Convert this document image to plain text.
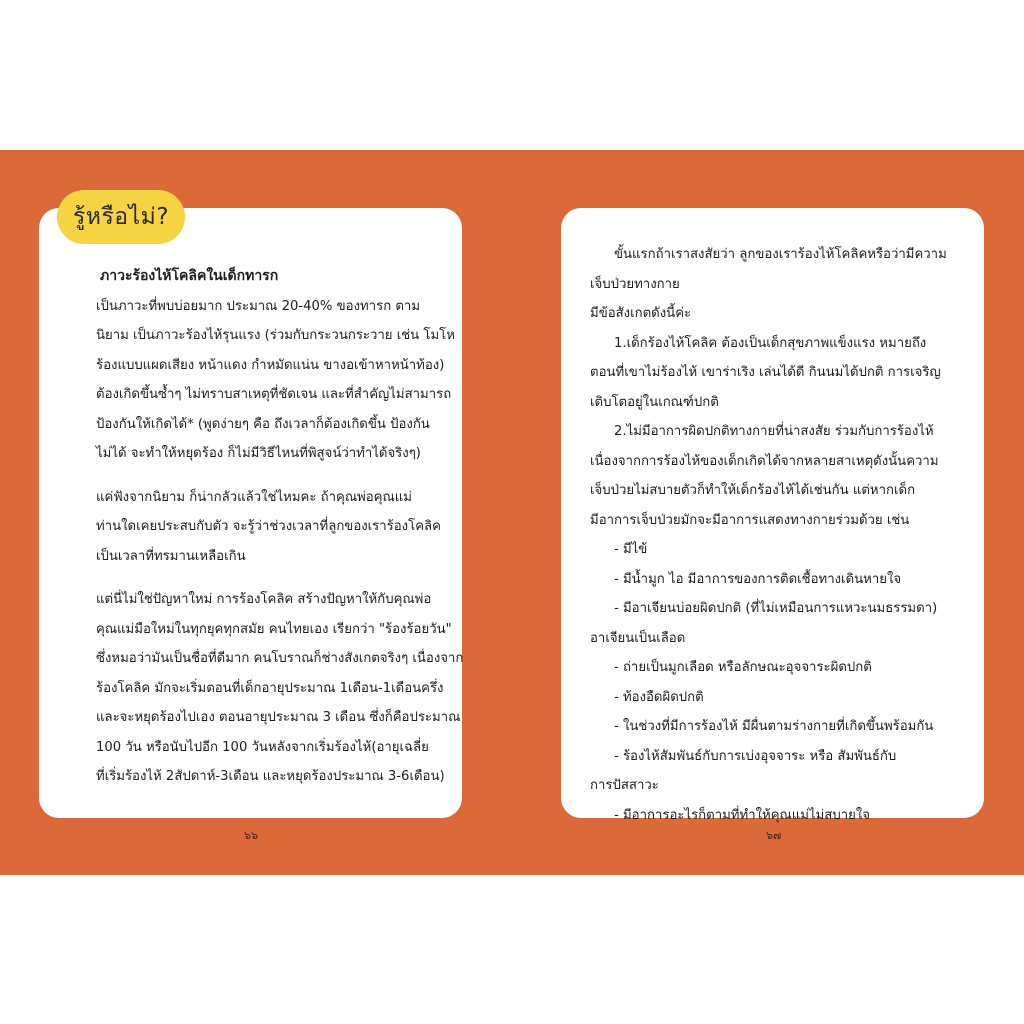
รู้หรือไม่?
ภาวะร้องไห้โคลิคในเด็กทารก
เป็นภาวะที่พบบ่อยมาก ประมาณ 20-40% ของทารก ตาม
นิยาม เป็นภาวะร้องไห้รุนแรง (ร่วมกับกระวนกระวาย เช่น โมโห
ร้องแบบแผดเสียง หน้าแดง กำหมัดแน่น ขางอเข้าหาหน้าท้อง)
ต้องเกิดขึ้นซ้ำๆ ไม่ทราบสาเหตุที่ชัดเจน และที่สำคัญไม่สามารถ
ป้องกันให้เกิดได้* (พูดง่ายๆ คือ ถึงเวลาก็ต้องเกิดขึ้น ป้องกัน
ไม่ได้ จะทำให้หยุดร้อง ก็ไม่มีวิธีไหนที่พิสูจน์ว่าทำได้จริงๆ)
แค่ฟังจากนิยาม ก็น่ากลัวแล้วใช่ไหมคะ ถ้าคุณพ่อคุณแม่
ท่านใดเคยประสบกับตัว จะรู้ว่าช่วงเวลาที่ลูกของเราร้องโคลิค
เป็นเวลาที่ทรมานเหลือเกิน
แต่นี่ไม่ใช่ปัญหาใหม่ การร้องโคลิค สร้างปัญหาให้กับคุณพ่อ
คุณแม่มือใหม่ในทุกยุคทุกสมัย คนไทยเอง เรียกว่า "ร้องร้อยวัน"
ซึ่งหมอว่ามันเป็นชื่อที่ดีมาก คนโบราณก็ช่างสังเกตจริงๆ เนื่องจาก
ร้องโคลิค มักจะเริ่มตอนที่เด็กอายุประมาณ 1เดือน-1เดือนครึ่ง
และจะหยุดร้องไปเอง ตอนอายุประมาณ 3 เดือน ซึ่งก็คือประมาณ
100 วัน หรือนับไปอีก 100 วันหลังจากเริ่มร้องไห้(อายุเฉลี่ย
ที่เริ่มร้องไห้ 2สัปดาห์-3เดือน และหยุดร้องประมาณ 3-6เดือน)
ขั้นแรกถ้าเราสงสัยว่า ลูกของเราร้องไห้โคลิคหรือว่ามีความ
เจ็บป่วยทางกาย
มีข้อสังเกตดังนี้ค่ะ
1.เด็กร้องไห้โคลิค ต้องเป็นเด็กสุขภาพแข็งแรง หมายถึง
ตอนที่เขาไม่ร้องไห้ เขาร่าเริง เล่นได้ดี กินนมได้ปกติ การเจริญ
เติบโตอยู่ในเกณฑ์ปกติ
2.ไม่มีอาการผิดปกติทางกายที่น่าสงสัย ร่วมกับการร้องไห้
เนื่องจากการร้องไห้ของเด็กเกิดได้จากหลายสาเหตุดังนั้นความ
เจ็บป่วยไม่สบายตัวก็ทำให้เด็กร้องไห้ได้เช่นกัน แต่หากเด็ก
มีอาการเจ็บป่วยมักจะมีอาการแสดงทางกายร่วมด้วย เช่น
- มีไข้
- มีน้ำมูก ไอ มีอาการของการติดเชื้อทางเดินหายใจ
- มีอาเจียนบ่อยผิดปกติ (ที่ไม่เหมือนการแหวะนมธรรมดา)
อาเจียนเป็นเลือด
- ถ่ายเป็นมูกเลือด หรือลักษณะอุจจาระผิดปกติ
- ท้องอืดผิดปกติ
- ในช่วงที่มีการร้องไห้ มีผื่นตามร่างกายที่เกิดขึ้นพร้อมกัน
- ร้องไห้สัมพันธ์กับการเบ่งอุจจาระ หรือ สัมพันธ์กับ
การปัสสาวะ
- มีอาการอะไรก็ตามที่ทำให้คุณแม่ไม่สบายใจ
๖๖	๖๗
